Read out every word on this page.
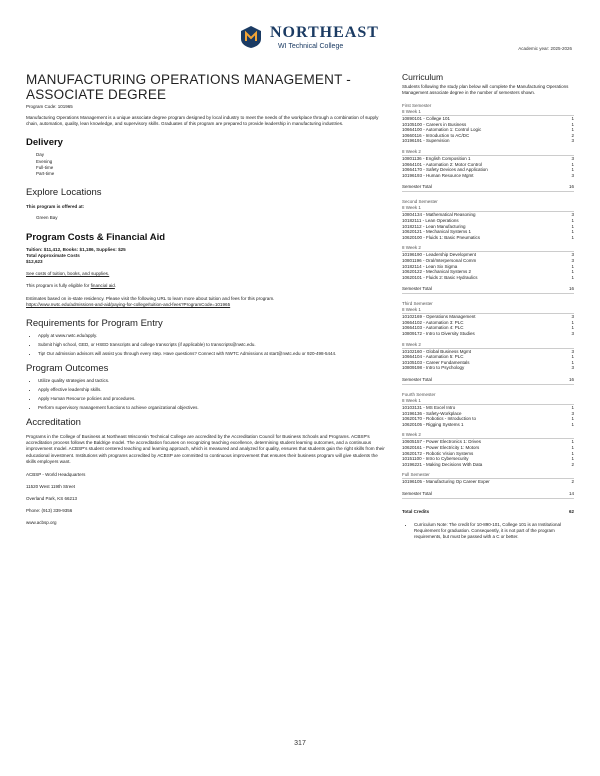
NORTHEAST
WI Technical College	Academic year: 2025-2026
MANUFACTURING OPERATIONS MANAGEMENT - ASSOCIATE DEGREE
Program Code: 101965

Manufacturing Operations Management is a unique associate degree program designed by local industry to meet the needs of the workplace through a combination of supply chain, automation, quality, lean knowledge, and supervisory skills. Graduates of this program are prepared to provide leadership in manufacturing industries.

Delivery
Day
Evening
Full-time
Part-time
Explore Locations

This program is offered at:

Green Bay
Program Costs & Financial Aid
Tuition: $11,412, Books: $1,186, Supplies: $25
Total Approximate Costs
$12,623

See costs of tuition, books, and supplies.

This program is fully eligible for financial aid.

Estimates based on in-state residency. Please visit the following URL to learn more about tuition and fees for this program.
https://www.nwtc.edu/admissions-and-aid/paying-for-college/tuition-and-fees?ProgramCode=101965

Requirements for Program Entry
• Apply at www.nwtc.edu/apply.
• Submit high school, GED, or HSED transcripts and college transcripts (if applicable) to transcripts@nwtc.edu.
• Tip! Our admission advisors will assist you through every step. Have questions? Connect with NWTC Admissions at start@nwtc.edu or 920-498-5444.
Program Outcomes
• Utilize quality strategies and tactics.
• Apply effective leadership skills.
• Apply Human Resource policies and procedures.
• Perform supervisory management functions to achieve organizational objectives.
Accreditation

Programs in the College of Business at Northeast Wisconsin Technical College are accredited by the Accreditation Council for Business Schools and Programs. ACBSP's accreditation process follows the Baldrige model. The accreditation focuses on recognizing teaching excellence, determining student learning outcomes, and a continuous improvement model. ACBSP's student centered teaching and learning approach, which is measured and analyzed for quality, ensures that students gain the right skills from their educational investment. Institutions with programs accredited by ACBSP are committed to continuous improvement that ensures their business program will give students the skills employers want.

ACBSP - World Headquarters

11520 West 119th Street

Overland Park, KS 66213

Phone: (913) 339-9356

www.acbsp.org

Curriculum
Students following the study plan below will complete the Manufacturing Operations Management associate degree in the number of semesters shown.
First Semester
8 Week 1
10890101 - College 101	1
10105100 - Careers in Business	1
10664100 - Automation 1: Control Logic	1
10660116 - Introduction to AC/DC	2
10196191 - Supervision	3
8 Week 2
10801136 - English Composition 1	3
10664101 - Automation 2: Motor Control	1
10664170 - Safety Devices and Application	1
10196193 - Human Resource Mgmt	3
Semester Total	16
Second Semester
8 Week 1
10804134 - Mathematical Reasoning	3
10182111 - Lean Operations	1
10182112 - Lean Manufacturing	1
10620121 - Mechanical Systems 1	1
10620100 - Fluids 1: Basic Pneumatics	1
8 Week 2
10196190 - Leadership Development	3
10801196 - Oral/Interpersonal Comm	3
10182114 - Lean Six Sigma	1
10620122 - Mechanical Systems 2	1
10620101 - Fluids 2: Basic Hydraulics	1
Semester Total	16
Third Semester
8 Week 1
10102169 - Operations Management	3
10664102 - Automation 3: PLC	1
10664103 - Automation 4: PLC	1
10809172 - Intro to Diversity Studies	3
8 Week 2
10102160 - Global Business Mgmt	3
10664104 - Automation 5: PLC	1
10105103 - Career Fundamentals	1
10809198 - Intro to Psychology	3
Semester Total	16
Fourth Semester
8 Week 1
10103131 - MS Excel Intro	1
10196136 - Safety-Workplace	3
10620170 - Robotics - Introduction to	1
10620105 - Rigging Systems 1	1
8 Week 2
10605157 - Power Electronics 1: Drives	1
10620161 - Power Electricity 1: Motors	1
10620172 - Robotic Vision Systems	1
10151100 - Intro to Cybersecurity	1
10196221 - Making Decisions With Data	2
Full Semester
10196105 - Manufacturing Op Career Exper	2
Semester Total	14
Total Credits	62
• Curriculum Note: The credit for 10-890-101, College 101 is an Institutional Requirement for graduation. Consequently, it is not part of the program requirements, but must be passed with a C or better.
317
